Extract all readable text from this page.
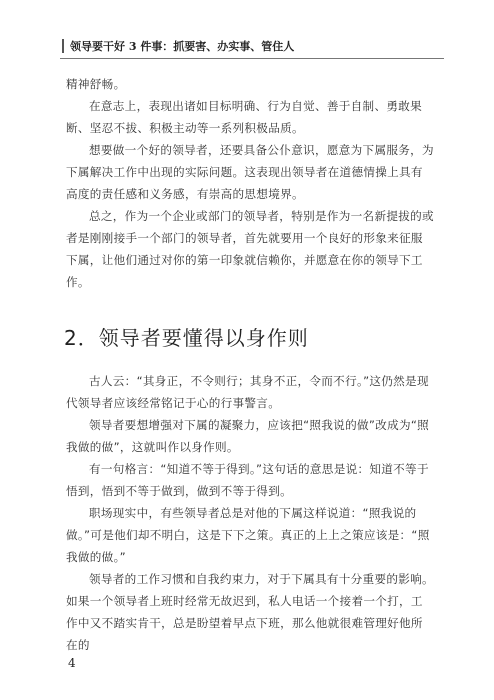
领导要干好 3 件事：抓要害、办实事、管住人

精神舒畅。

在意志上，表现出诸如目标明确、行为自觉、善于自制、勇敢果断、坚忍不拔、积极主动等一系列积极品质。

想要做一个好的领导者，还要具备公仆意识，愿意为下属服务，为下属解决工作中出现的实际问题。这表现出领导者在道德情操上具有高度的责任感和义务感，有崇高的思想境界。

总之，作为一个企业或部门的领导者，特别是作为一名新提拔的或者是刚刚接手一个部门的领导者，首先就要用一个良好的形象来征服下属，让他们通过对你的第一印象就信赖你，并愿意在你的领导下工作。

2．领导者要懂得以身作则

古人云：“其身正，不令则行；其身不正，令而不行。”这仍然是现代领导者应该经常铭记于心的行事警言。

领导者要想增强对下属的凝聚力，应该把“照我说的做”改成为“照我做的做”，这就叫作以身作则。

有一句格言：“知道不等于得到。”这句话的意思是说：知道不等于悟到，悟到不等于做到，做到不等于得到。

职场现实中，有些领导者总是对他的下属这样说道：“照我说的做。”可是他们却不明白，这是下下之策。真正的上上之策应该是：“照我做的做。”

领导者的工作习惯和自我约束力，对于下属具有十分重要的影响。如果一个领导者上班时经常无故迟到，私人电话一个接着一个打，工作中又不踏实肯干，总是盼望着早点下班，那么他就很难管理好他所在的

4
